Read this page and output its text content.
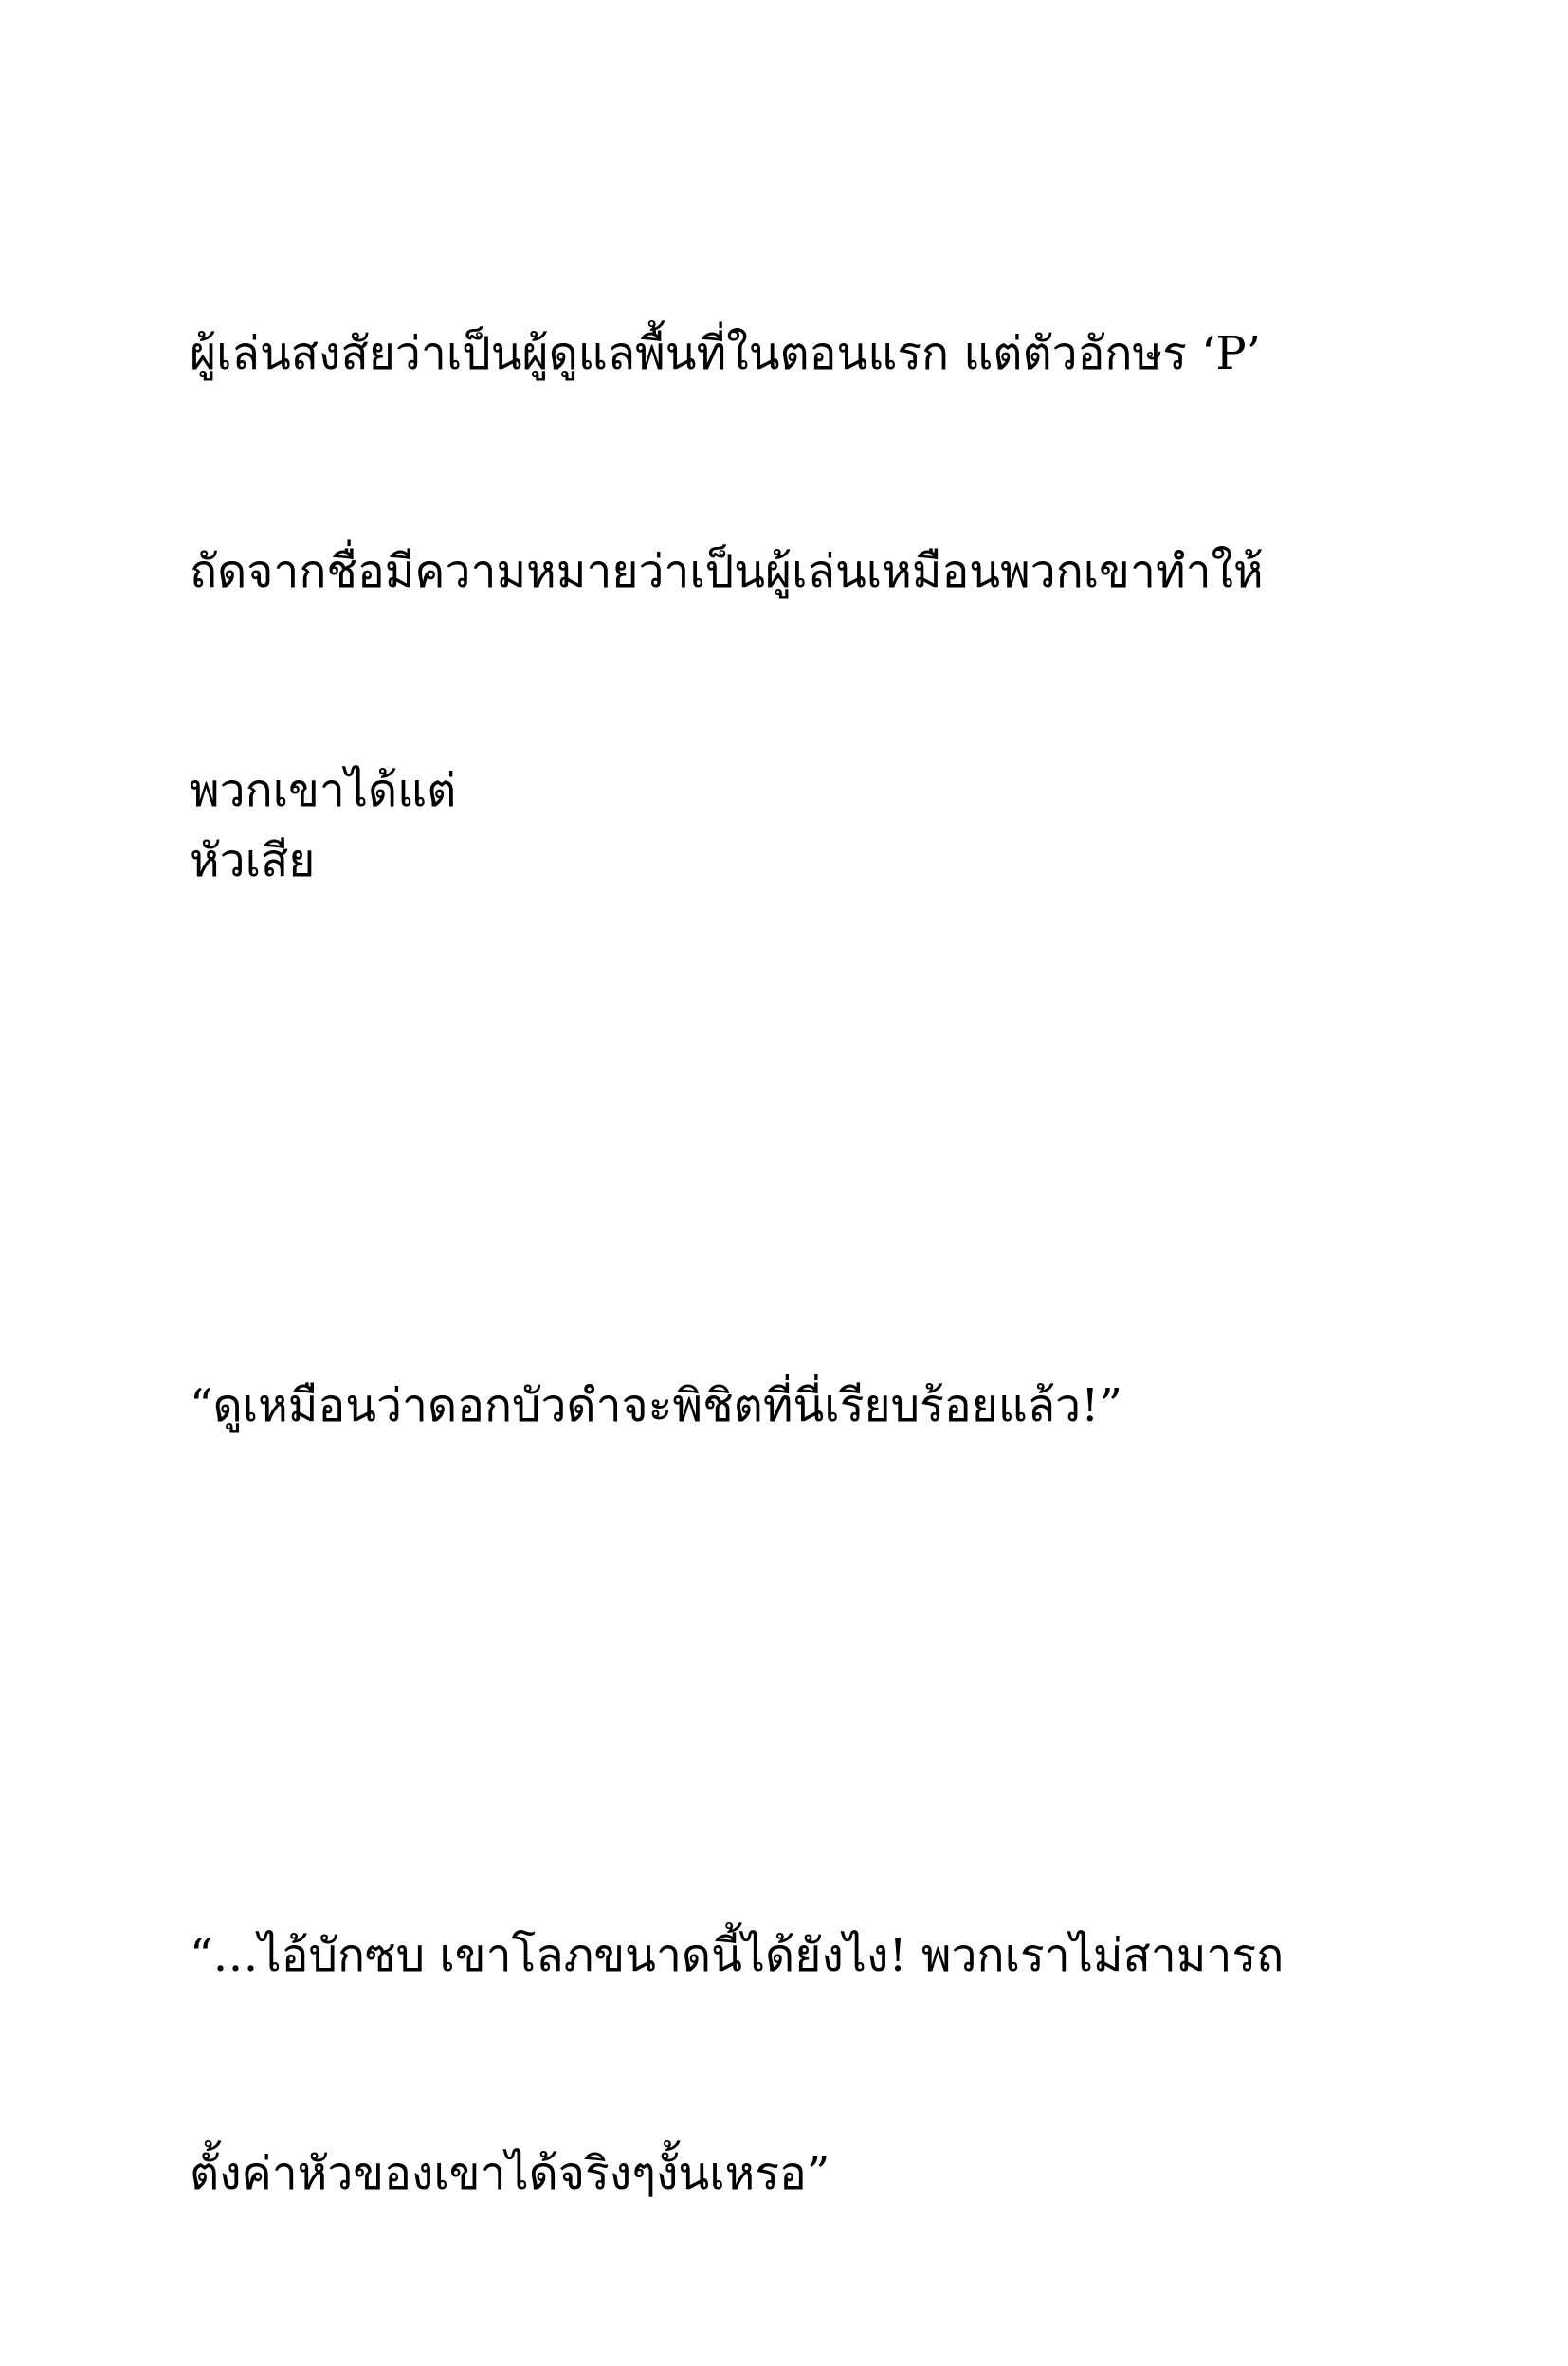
ผู้เล่นสงสัยว่าเป็นผู้ดูแลพื้นที่ในตอนแรก แต่ตัวอักษร ‘P’

ถัดจากชื่อมีความหมายว่าเป็นผู้เล่นเหมือนพวกเขาทำให้

พวกเขาได้แต่

หัวเสีย

“ดูเหมือนว่าดอกบัวดำจะพิชิตที่นี่เรียบร้อยแล้ว!”

“…ไอ้บักซบ เขาโลภขนาดนี้ได้ยังไง! พวกเราไม่สามารถ

ตั้งค่าหัวของเขาได้จริงๆงั้นเหรอ”
